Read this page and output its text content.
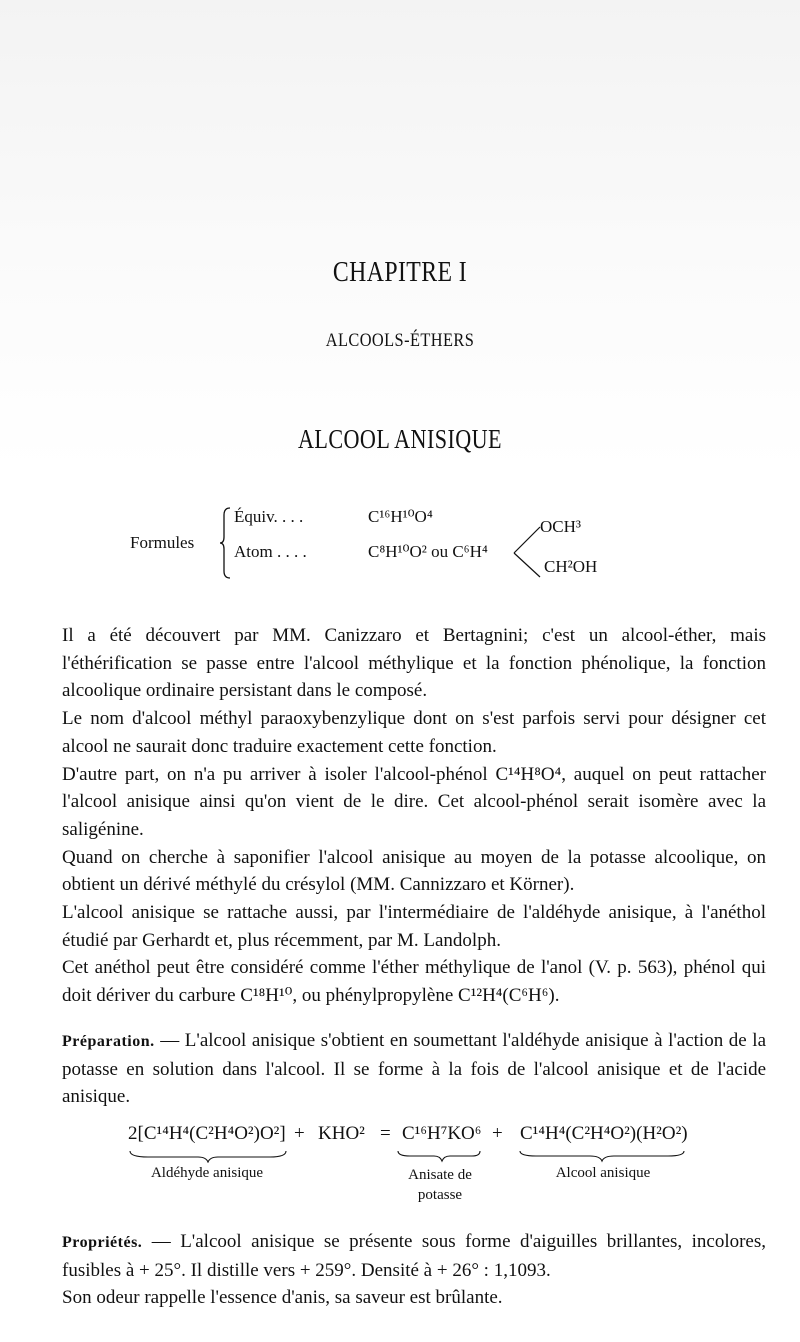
CHAPITRE I
ALCOOLS-ÉTHERS
ALCOOL ANISIQUE
Formules
Équiv. . . .	C¹⁶H¹⁰O⁴
Atom . . . .	C⁸H¹⁰O² ou C⁶H⁴
OCH³
CH²OH

Il a été découvert par MM. Canizzaro et Bertagnini; c'est un alcool-éther, mais l'éthérification se passe entre l'alcool méthylique et la fonction phénolique, la fonction alcoolique ordinaire persistant dans le composé.

Le nom d'alcool méthyl paraoxybenzylique dont on s'est parfois servi pour désigner cet alcool ne saurait donc traduire exactement cette fonction.

D'autre part, on n'a pu arriver à isoler l'alcool-phénol C¹⁴H⁸O⁴, auquel on peut rattacher l'alcool anisique ainsi qu'on vient de le dire. Cet alcool-phénol serait isomère avec la saligénine.

Quand on cherche à saponifier l'alcool anisique au moyen de la potasse alcoolique, on obtient un dérivé méthylé du crésylol (MM. Cannizzaro et Körner).

L'alcool anisique se rattache aussi, par l'intermédiaire de l'aldéhyde anisique, à l'anéthol étudié par Gerhardt et, plus récemment, par M. Landolph.

Cet anéthol peut être considéré comme l'éther méthylique de l'anol (V. p. 563), phénol qui doit dériver du carbure C¹⁸H¹⁰, ou phénylpropylène C¹²H⁴(C⁶H⁶).

Préparation. — L'alcool anisique s'obtient en soumettant l'aldéhyde anisique à l'action de la potasse en solution dans l'alcool. Il se forme à la fois de l'alcool anisique et de l'acide anisique.

2[C¹⁴H⁴(C²H⁴O²)O²] + KHO² = C¹⁶H⁷KO⁶ + C¹⁴H⁴(C²H⁴O²)(H²O²)
Aldéhyde anisique	Anisate de potasse
Alcool anisique

Propriétés. — L'alcool anisique se présente sous forme d'aiguilles brillantes, incolores, fusibles à + 25°. Il distille vers + 259°. Densité à + 26° : 1,1093.

Son odeur rappelle l'essence d'anis, sa saveur est brûlante.
